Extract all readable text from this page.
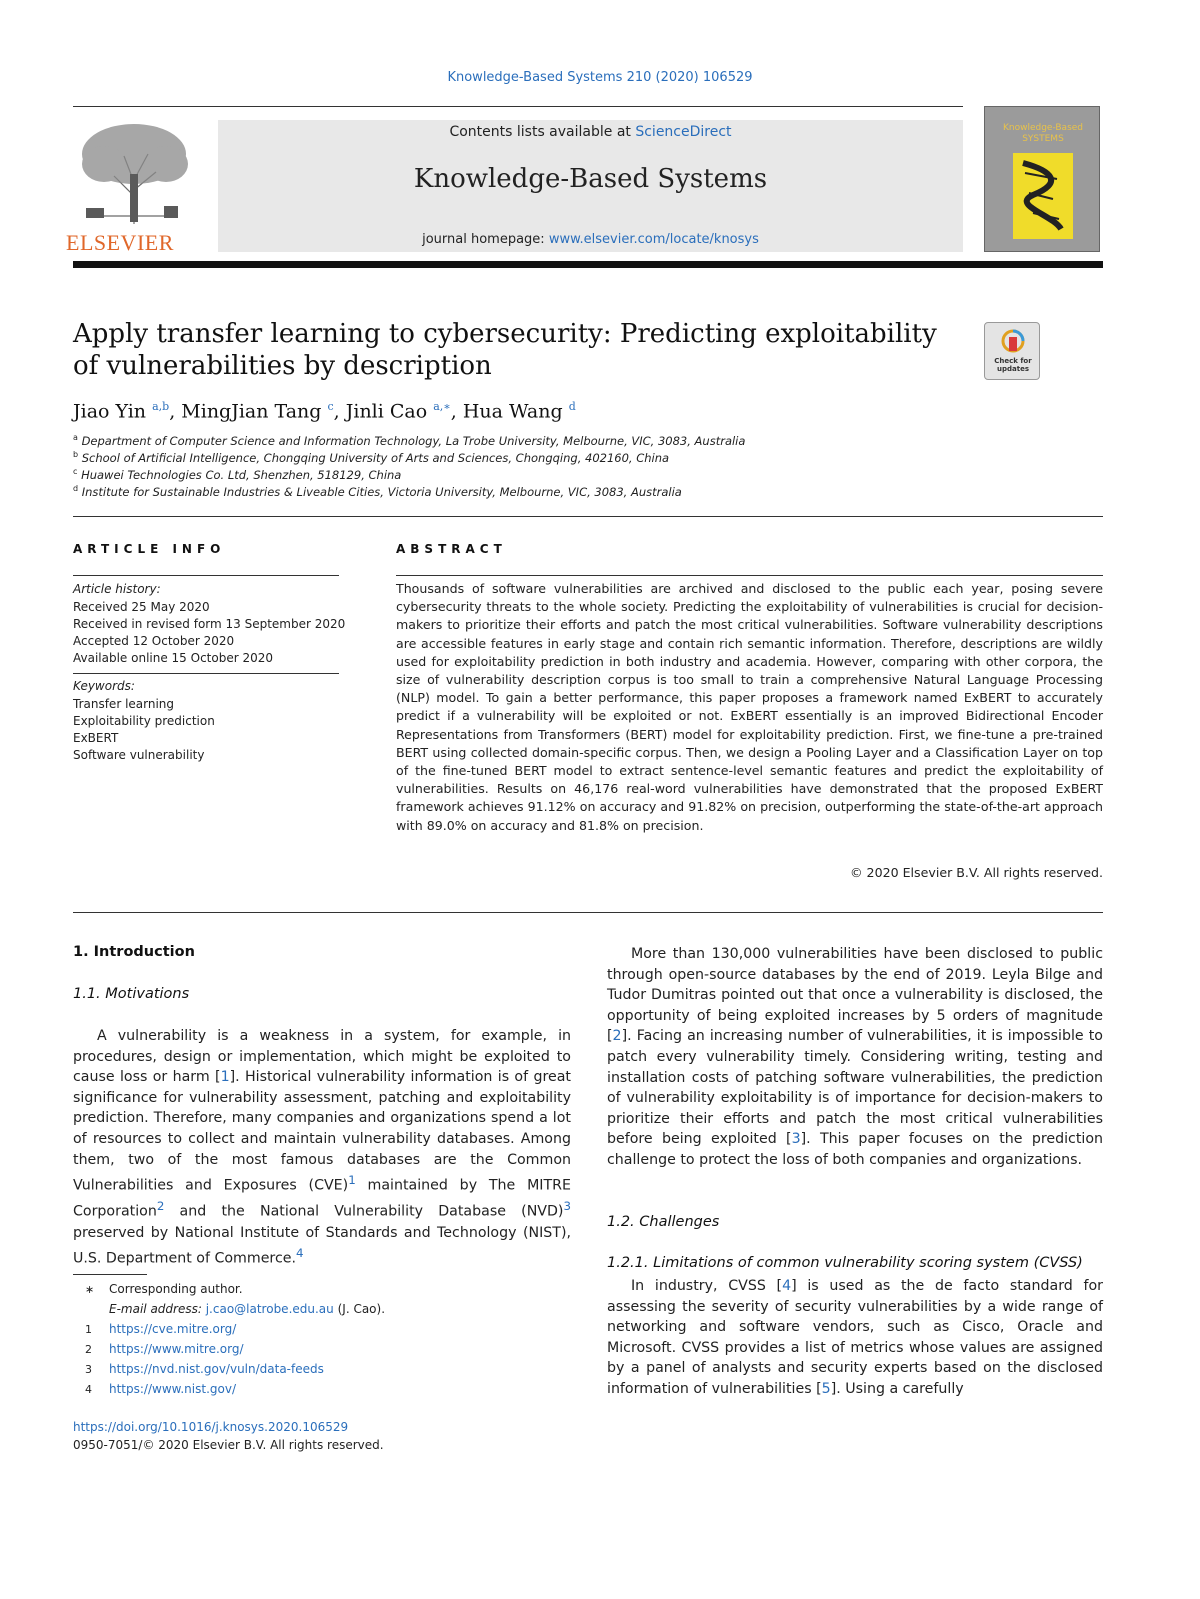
Knowledge-Based Systems 210 (2020) 106529
ELSEVIER
Contents lists available at ScienceDirect
Knowledge-Based Systems
journal homepage: www.elsevier.com/locate/knosys
Knowledge-Based SYSTEMS
Apply transfer learning to cybersecurity: Predicting exploitability of vulnerabilities by description	Check for updates
Jiao Yin $^{a,b}$, MingJian Tang $^c$, Jinli Cao $^{a,∗}$, Hua Wang $^d$
$^a$ Department of Computer Science and Information Technology, La Trobe University, Melbourne, VIC, 3083, Australia
$^b$ School of Artificial Intelligence, Chongqing University of Arts and Sciences, Chongqing, 402160, China
$^c$ Huawei Technologies Co. Ltd, Shenzhen, 518129, China
$^d$ Institute for Sustainable Industries & Liveable Cities, Victoria University, Melbourne, VIC, 3083, Australia
ARTICLE INFO
Article history:
Received 25 May 2020
Received in revised form 13 September 2020
Accepted 12 October 2020
Available online 15 October 2020
Keywords:
Transfer learning
Exploitability prediction
ExBERT
Software vulnerability
ABSTRACT
Thousands of software vulnerabilities are archived and disclosed to the public each year, posing severe cybersecurity threats to the whole society. Predicting the exploitability of vulnerabilities is crucial for decision-makers to prioritize their efforts and patch the most critical vulnerabilities. Software vulnerability descriptions are accessible features in early stage and contain rich semantic information. Therefore, descriptions are wildly used for exploitability prediction in both industry and academia. However, comparing with other corpora, the size of vulnerability description corpus is too small to train a comprehensive Natural Language Processing (NLP) model. To gain a better performance, this paper proposes a framework named ExBERT to accurately predict if a vulnerability will be exploited or not. ExBERT essentially is an improved Bidirectional Encoder Representations from Transformers (BERT) model for exploitability prediction. First, we fine-tune a pre-trained BERT using collected domain-specific corpus. Then, we design a Pooling Layer and a Classification Layer on top of the fine-tuned BERT model to extract sentence-level semantic features and predict the exploitability of vulnerabilities. Results on 46,176 real-word vulnerabilities have demonstrated that the proposed ExBERT framework achieves 91.12% on accuracy and 91.82% on precision, outperforming the state-of-the-art approach with 89.0% on accuracy and 81.8% on precision.
© 2020 Elsevier B.V. All rights reserved.
1. Introduction
1.1. Motivations
A vulnerability is a weakness in a system, for example, in procedures, design or implementation, which might be exploited to cause loss or harm [1]. Historical vulnerability information is of great significance for vulnerability assessment, patching and exploitability prediction. Therefore, many companies and organizations spend a lot of resources to collect and maintain vulnerability databases. Among them, two of the most famous databases are the Common Vulnerabilities and Exposures (CVE)$^1$ maintained by The MITRE Corporation$^2$ and the National Vulnerability Database (NVD)$^3$ preserved by National Institute of Standards and Technology (NIST), U.S. Department of Commerce.$^4$
∗ Corresponding author.
E-mail address: j.cao@latrobe.edu.au (J. Cao).
1 https://cve.mitre.org/
2 https://www.mitre.org/
3 https://nvd.nist.gov/vuln/data-feeds
4 https://www.nist.gov/
https://doi.org/10.1016/j.knosys.2020.106529
0950-7051/© 2020 Elsevier B.V. All rights reserved.
More than 130,000 vulnerabilities have been disclosed to public through open-source databases by the end of 2019. Leyla Bilge and Tudor Dumitras pointed out that once a vulnerability is disclosed, the opportunity of being exploited increases by 5 orders of magnitude [2]. Facing an increasing number of vulnerabilities, it is impossible to patch every vulnerability timely. Considering writing, testing and installation costs of patching software vulnerabilities, the prediction of vulnerability exploitability is of importance for decision-makers to prioritize their efforts and patch the most critical vulnerabilities before being exploited [3]. This paper focuses on the prediction challenge to protect the loss of both companies and organizations.
1.2. Challenges
1.2.1. Limitations of common vulnerability scoring system (CVSS)
In industry, CVSS [4] is used as the de facto standard for assessing the severity of security vulnerabilities by a wide range of networking and software vendors, such as Cisco, Oracle and Microsoft. CVSS provides a list of metrics whose values are assigned by a panel of analysts and security experts based on the disclosed information of vulnerabilities [5]. Using a carefully
